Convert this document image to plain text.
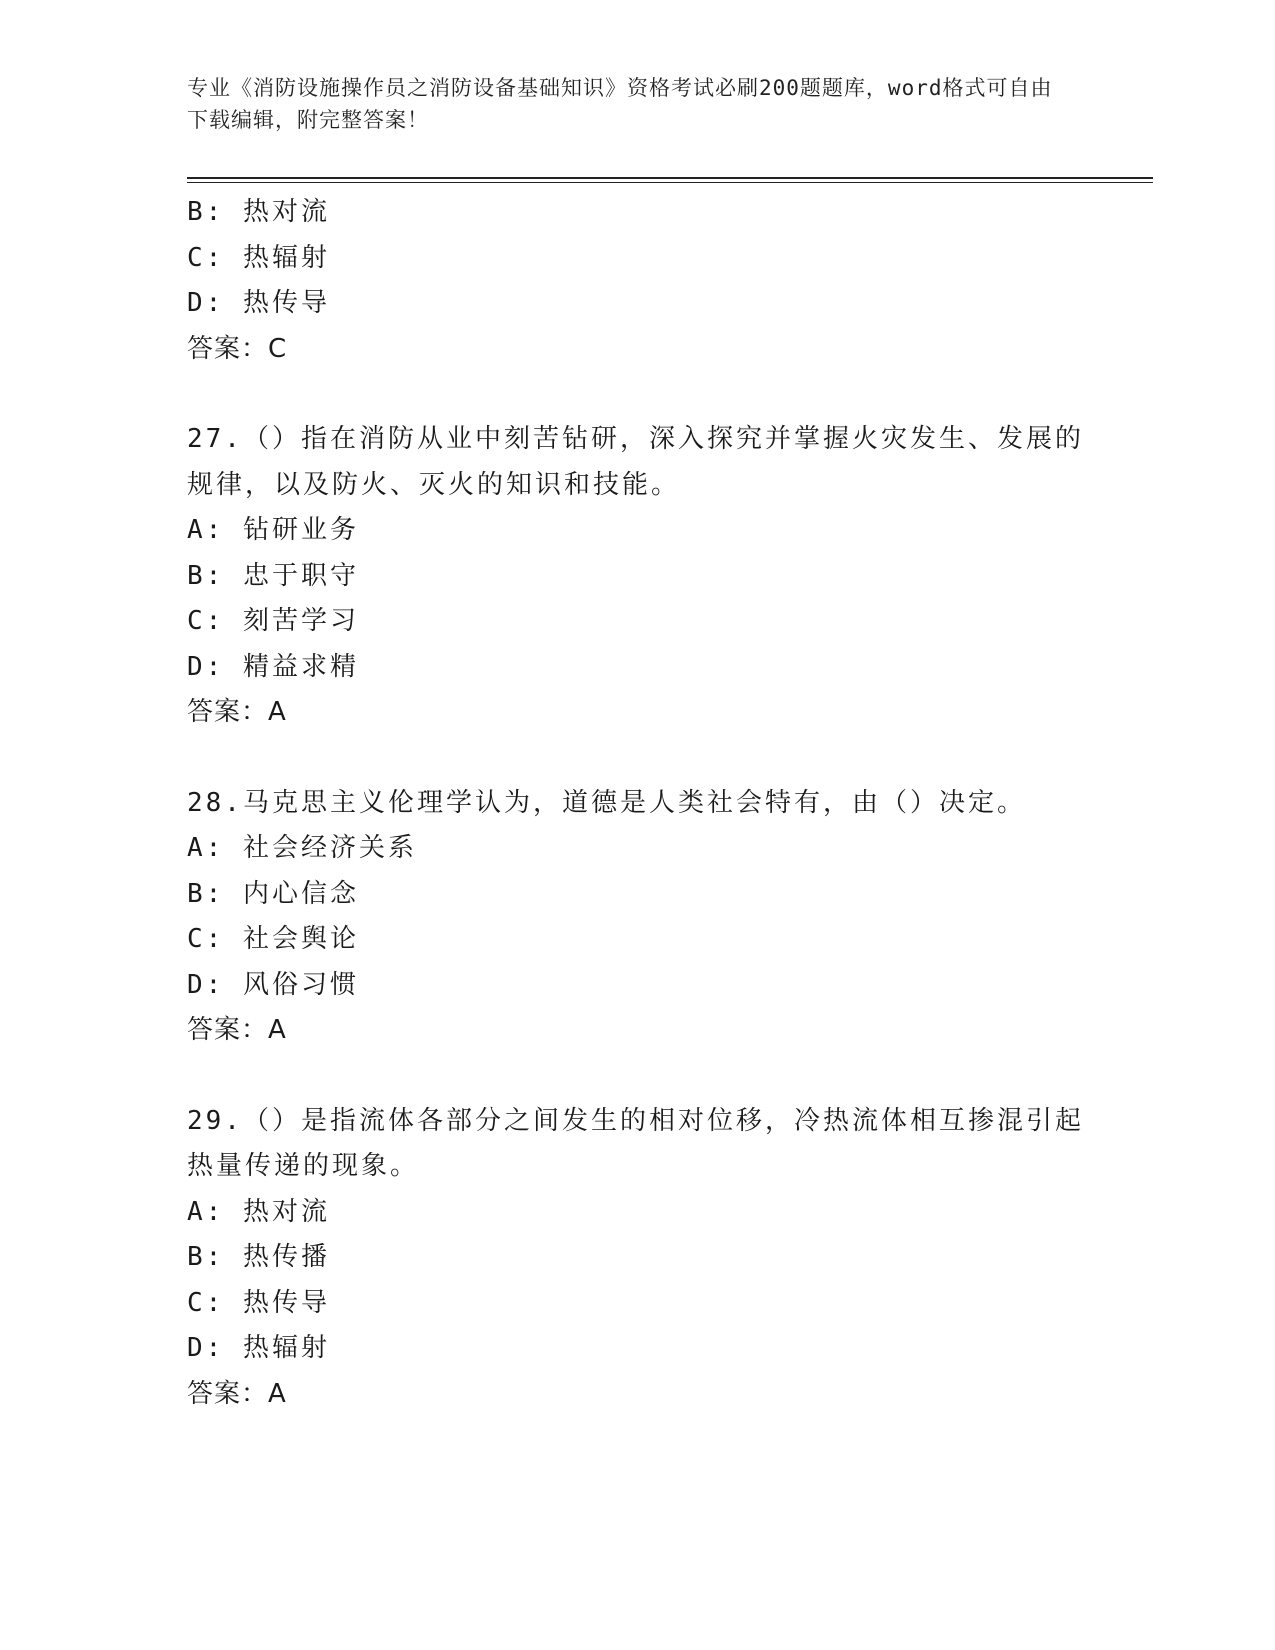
专业《消防设施操作员之消防设备基础知识》资格考试必刷200题题库，word格式可自由下载编辑，附完整答案！
B: 热对流
C: 热辐射
D: 热传导
答案：C
27.（）指在消防从业中刻苦钻研，深入探究并掌握火灾发生、发展的
规律，以及防火、灭火的知识和技能。
A: 钻研业务
B: 忠于职守
C: 刻苦学习
D: 精益求精
答案：A
28.马克思主义伦理学认为，道德是人类社会特有，由（）决定。
A: 社会经济关系
B: 内心信念
C: 社会舆论
D: 风俗习惯
答案：A
29.（）是指流体各部分之间发生的相对位移，冷热流体相互掺混引起
热量传递的现象。
A: 热对流
B: 热传播
C: 热传导
D: 热辐射
答案：A
